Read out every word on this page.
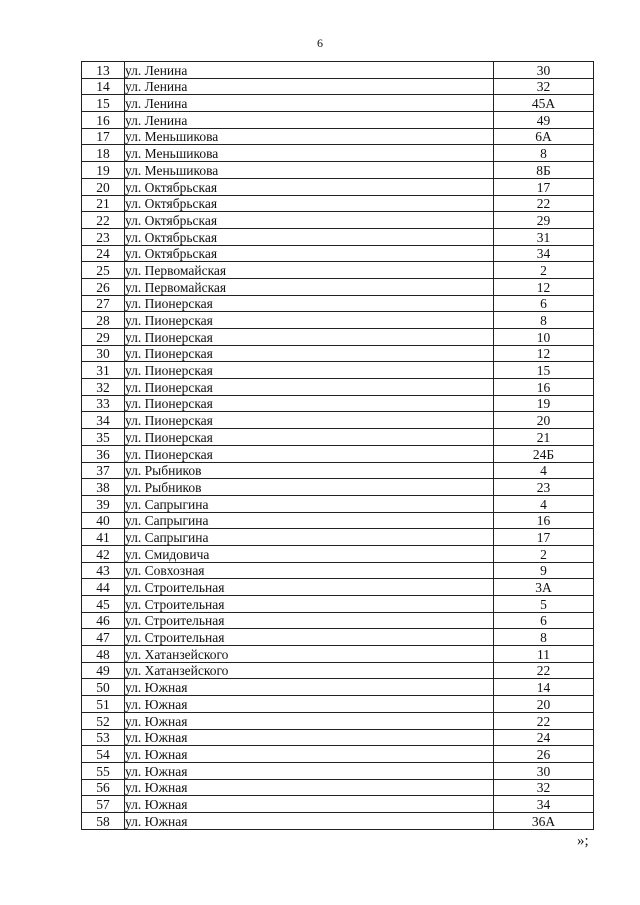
6
13	ул. Ленина	30
14	ул. Ленина	32
15	ул. Ленина	45А
16	ул. Ленина	49
17	ул. Меньшикова	6А
18	ул. Меньшикова	8
19	ул. Меньшикова	8Б
20	ул. Октябрьская	17
21	ул. Октябрьская	22
22	ул. Октябрьская	29
23	ул. Октябрьская	31
24	ул. Октябрьская	34
25	ул. Первомайская	2
26	ул. Первомайская	12
27	ул. Пионерская	6
28	ул. Пионерская	8
29	ул. Пионерская	10
30	ул. Пионерская	12
31	ул. Пионерская	15
32	ул. Пионерская	16
33	ул. Пионерская	19
34	ул. Пионерская	20
35	ул. Пионерская	21
36	ул. Пионерская	24Б
37	ул. Рыбников	4
38	ул. Рыбников	23
39	ул. Сапрыгина	4
40	ул. Сапрыгина	16
41	ул. Сапрыгина	17
42	ул. Смидовича	2
43	ул. Совхозная	9
44	ул. Строительная	3А
45	ул. Строительная	5
46	ул. Строительная	6
47	ул. Строительная	8
48	ул. Хатанзейского	11
49	ул. Хатанзейского	22
50	ул. Южная	14
51	ул. Южная	20
52	ул. Южная	22
53	ул. Южная	24
54	ул. Южная	26
55	ул. Южная	30
56	ул. Южная	32
57	ул. Южная	34
58	ул. Южная	36А
»;
